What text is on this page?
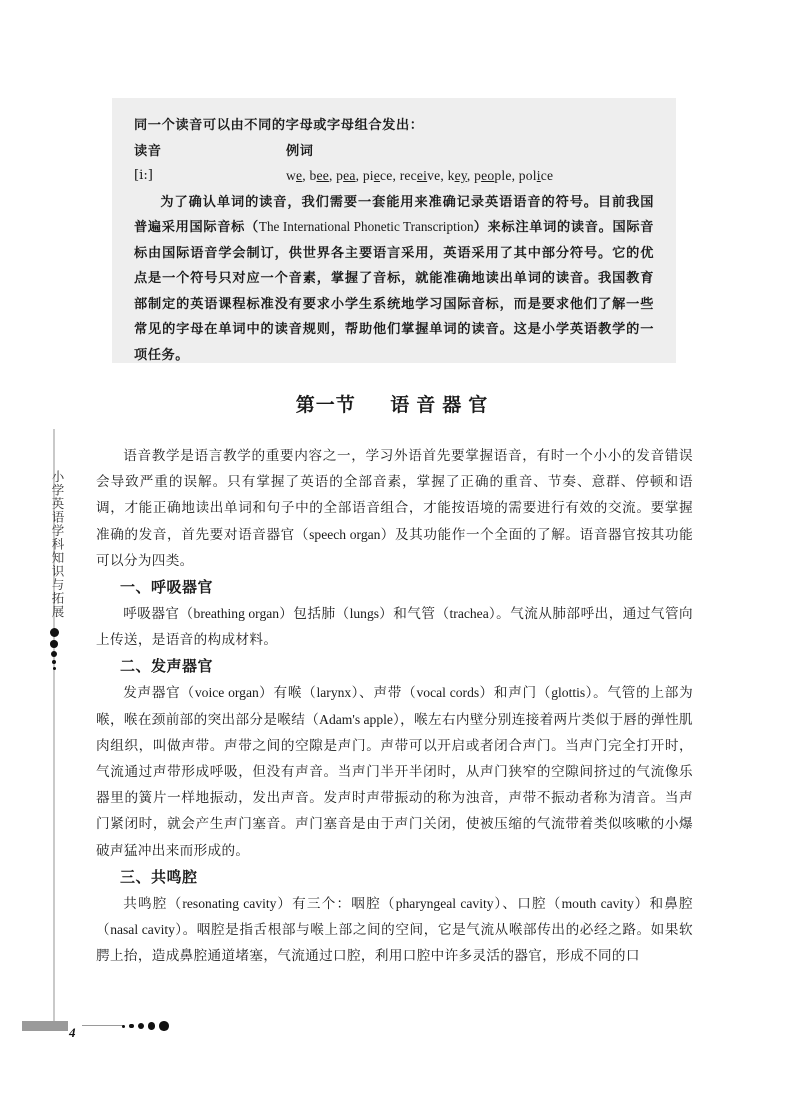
同一个读音可以由不同的字母或字母组合发出：
读音	例词
[i:]	we, bee, pea, piece, receive, key, people, police

为了确认单词的读音，我们需要一套能用来准确记录英语语音的符号。目前我国普遍采用国际音标（The International Phonetic Transcription）来标注单词的读音。国际音标由国际语音学会制订，供世界各主要语言采用，英语采用了其中部分符号。它的优点是一个符号只对应一个音素，掌握了音标，就能准确地读出单词的读音。我国教育部制定的英语课程标准没有要求小学生系统地学习国际音标，而是要求他们了解一些常见的字母在单词中的读音规则，帮助他们掌握单词的读音。这是小学英语教学的一项任务。

第一节 语音器官

语音教学是语言教学的重要内容之一，学习外语首先要掌握语音，有时一个小小的发音错误会导致严重的误解。只有掌握了英语的全部音素，掌握了正确的重音、节奏、意群、停顿和语调，才能正确地读出单词和句子中的全部语音组合，才能按语境的需要进行有效的交流。要掌握准确的发音，首先要对语音器官（speech organ）及其功能作一个全面的了解。语音器官按其功能可以分为四类。

一、呼吸器官

呼吸器官（breathing organ）包括肺（lungs）和气管（trachea）。气流从肺部呼出，通过气管向上传送，是语音的构成材料。

二、发声器官

发声器官（voice organ）有喉（larynx）、声带（vocal cords）和声门（glottis）。气管的上部为喉，喉在颈前部的突出部分是喉结（Adam's apple），喉左右内壁分别连接着两片类似于唇的弹性肌肉组织，叫做声带。声带之间的空隙是声门。声带可以开启或者闭合声门。当声门完全打开时，气流通过声带形成呼吸，但没有声音。当声门半开半闭时，从声门狭窄的空隙间挤过的气流像乐器里的簧片一样地振动，发出声音。发声时声带振动的称为浊音，声带不振动者称为清音。当声门紧闭时，就会产生声门塞音。声门塞音是由于声门关闭，使被压缩的气流带着类似咳嗽的小爆破声猛冲出来而形成的。

三、共鸣腔

共鸣腔（resonating cavity）有三个：咽腔（pharyngeal cavity）、口腔（mouth cavity）和鼻腔（nasal cavity）。咽腔是指舌根部与喉上部之间的空间，它是气流从喉部传出的必经之路。如果软腭上抬，造成鼻腔通道堵塞，气流通过口腔，利用口腔中许多灵活的器官，形成不同的口

小学英语学科知识与拓展
4
